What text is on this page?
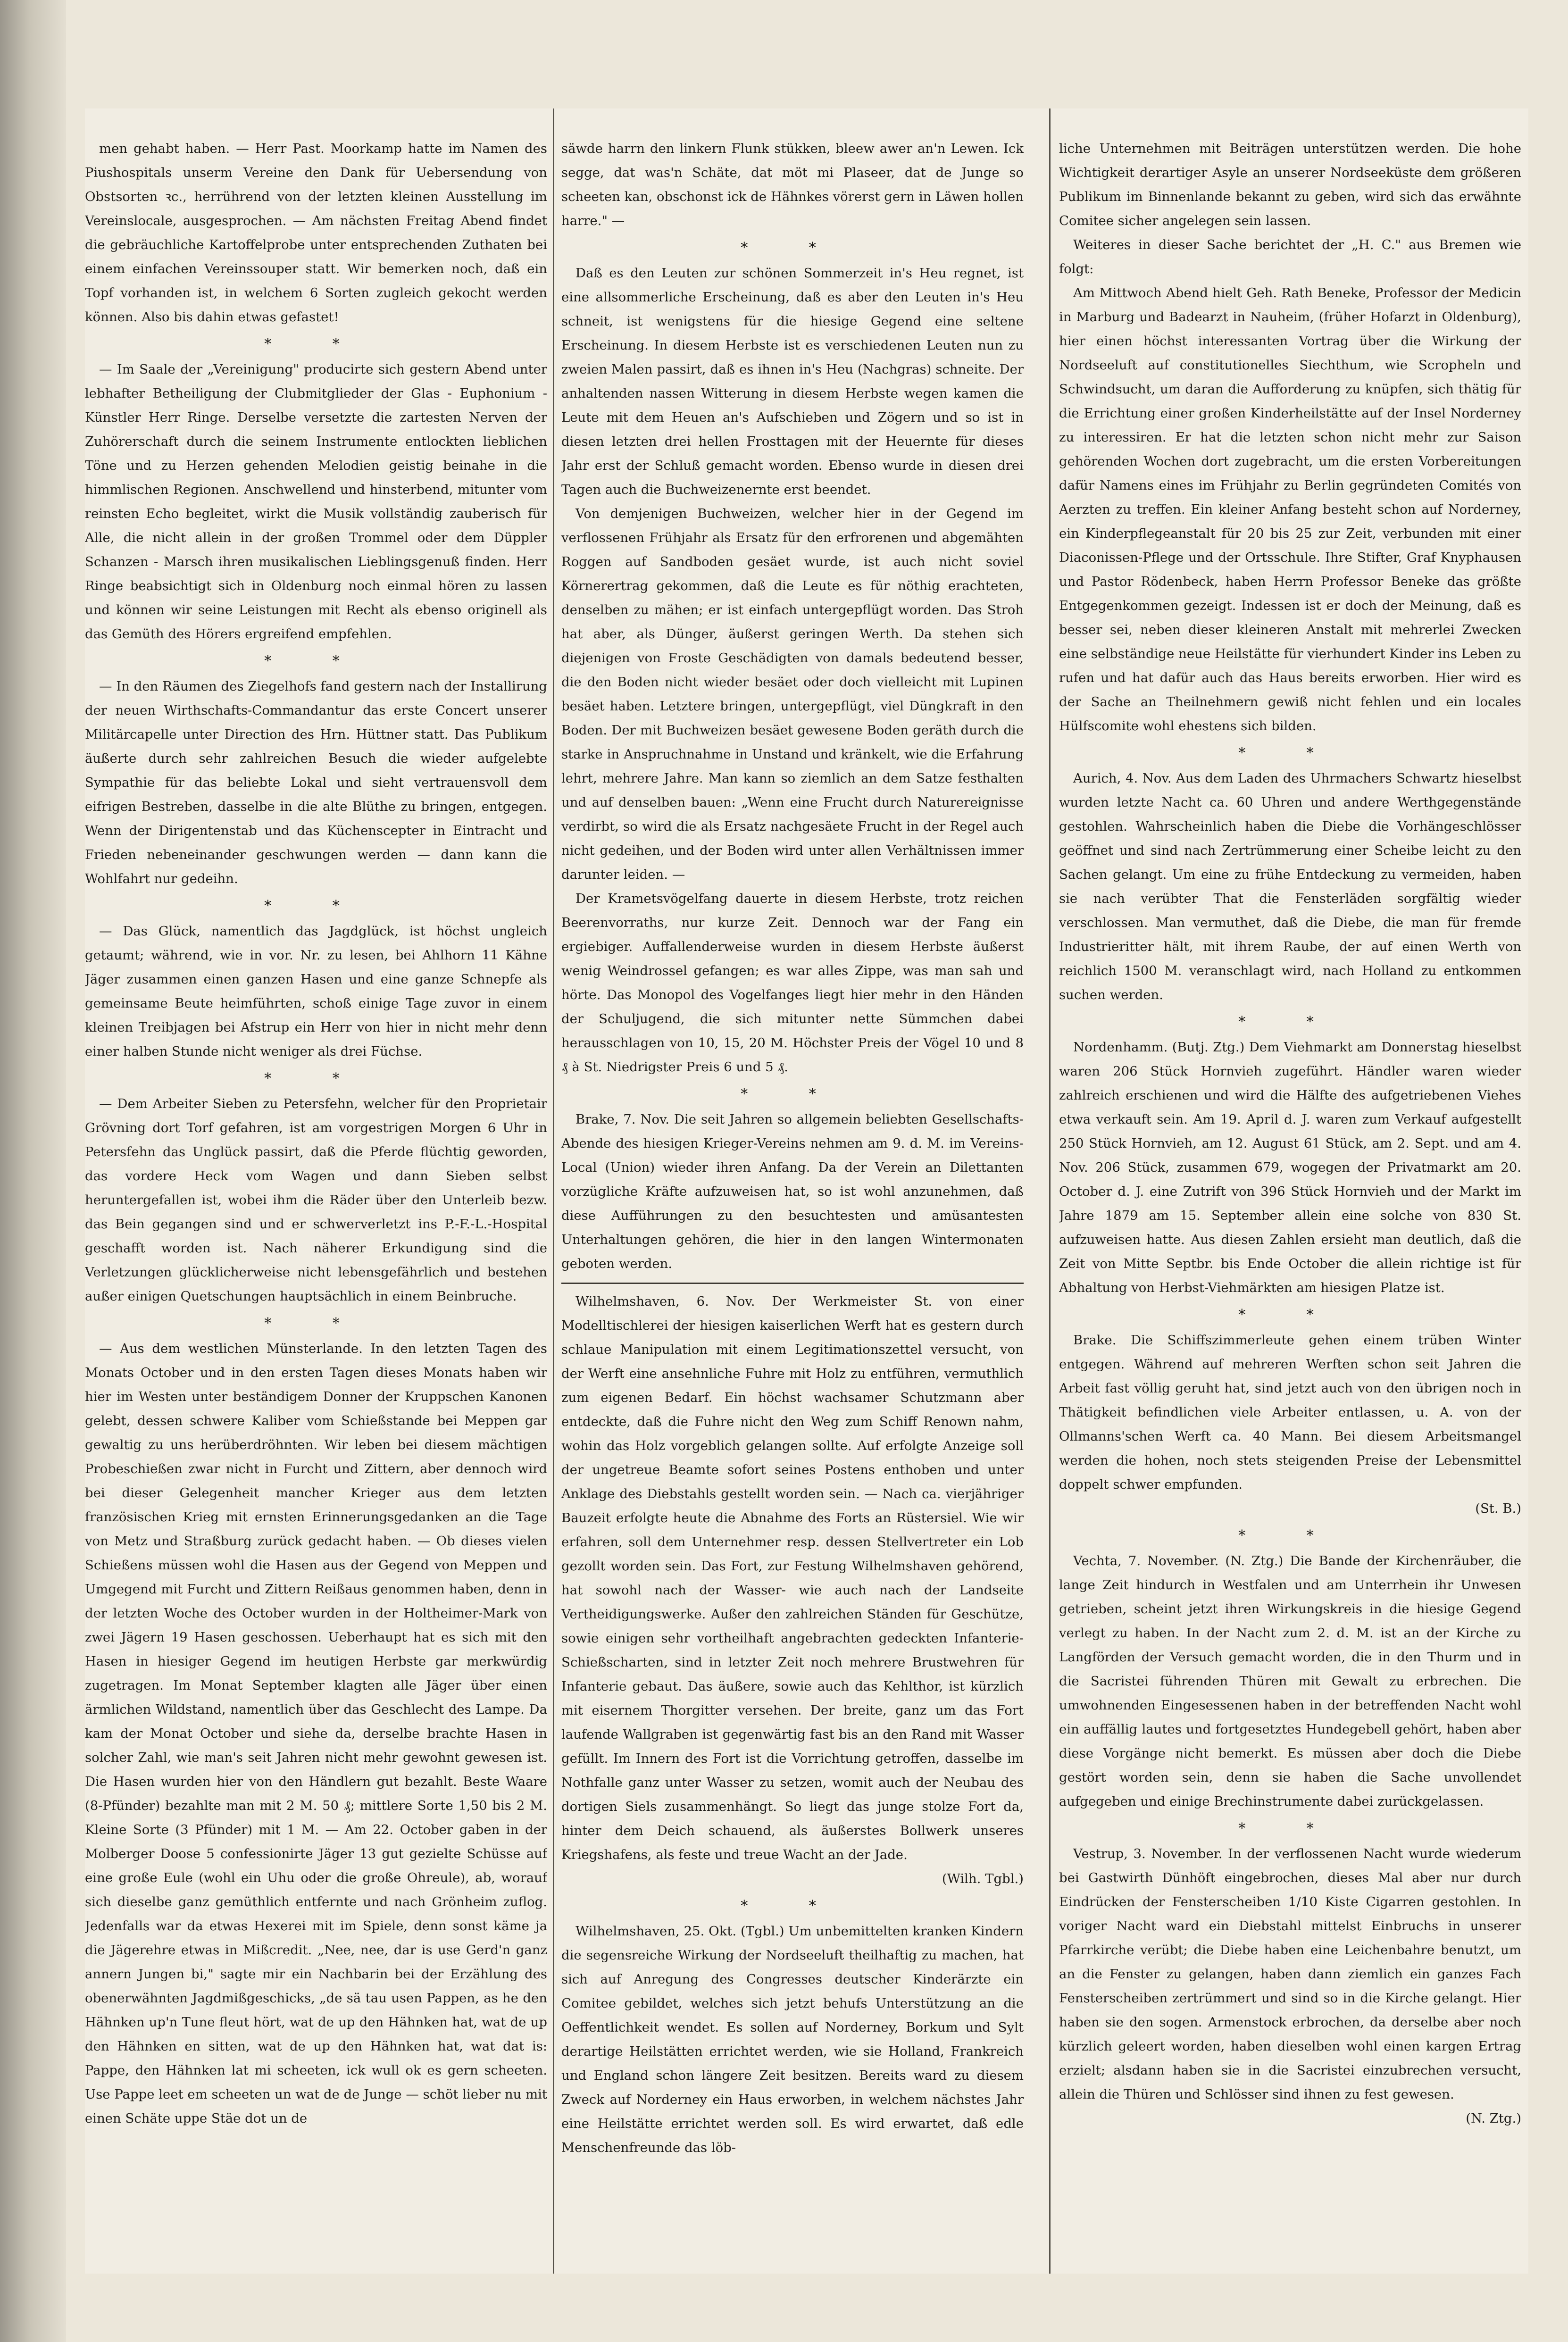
men gehabt haben. — Herr Past. Moorkamp hatte im Namen des Piushospitals unserm Vereine den Dank für Uebersendung von Obstsorten ꝛc., herrührend von der letzten kleinen Ausstellung im Vereinslocale, ausgesprochen. — Am nächsten Freitag Abend findet die gebräuchliche Kartoffelprobe unter entsprechenden Zuthaten bei einem einfachen Vereinssouper statt. Wir bemerken noch, daß ein Topf vorhanden ist, in welchem 6 Sorten zugleich gekocht werden können. Also bis dahin etwas gefastet!

* *

— Im Saale der „Vereinigung" producirte sich gestern Abend unter lebhafter Betheiligung der Clubmitglieder der Glas - Euphonium - Künstler Herr Ringe. Derselbe versetzte die zartesten Nerven der Zuhörerschaft durch die seinem Instrumente entlockten lieblichen Töne und zu Herzen gehenden Melodien geistig beinahe in die himmlischen Regionen. Anschwellend und hinsterbend, mitunter vom reinsten Echo begleitet, wirkt die Musik vollständig zauberisch für Alle, die nicht allein in der großen Trommel oder dem Düppler Schanzen - Marsch ihren musikalischen Lieblingsgenuß finden. Herr Ringe beabsichtigt sich in Oldenburg noch einmal hören zu lassen und können wir seine Leistungen mit Recht als ebenso originell als das Gemüth des Hörers ergreifend empfehlen.

* *

— In den Räumen des Ziegelhofs fand gestern nach der Installirung der neuen Wirthschafts-Commandantur das erste Concert unserer Militärcapelle unter Direction des Hrn. Hüttner statt. Das Publikum äußerte durch sehr zahlreichen Besuch die wieder aufgelebte Sympathie für das beliebte Lokal und sieht vertrauensvoll dem eifrigen Bestreben, dasselbe in die alte Blüthe zu bringen, entgegen. Wenn der Dirigentenstab und das Küchenscepter in Eintracht und Frieden nebeneinander geschwungen werden — dann kann die Wohlfahrt nur gedeihn.

* *

— Das Glück, namentlich das Jagdglück, ist höchst ungleich getaumt; während, wie in vor. Nr. zu lesen, bei Ahlhorn 11 Kähne Jäger zusammen einen ganzen Hasen und eine ganze Schnepfe als gemeinsame Beute heimführten, schoß einige Tage zuvor in einem kleinen Treibjagen bei Afstrup ein Herr von hier in nicht mehr denn einer halben Stunde nicht weniger als drei Füchse.

* *

— Dem Arbeiter Sieben zu Petersfehn, welcher für den Proprietair Grövning dort Torf gefahren, ist am vorgestrigen Morgen 6 Uhr in Petersfehn das Unglück passirt, daß die Pferde flüchtig geworden, das vordere Heck vom Wagen und dann Sieben selbst heruntergefallen ist, wobei ihm die Räder über den Unterleib bezw. das Bein gegangen sind und er schwerverletzt ins P.-F.-L.-Hospital geschafft worden ist. Nach näherer Erkundigung sind die Verletzungen glücklicherweise nicht lebensgefährlich und bestehen außer einigen Quetschungen hauptsächlich in einem Beinbruche.

* *

— Aus dem westlichen Münsterlande. In den letzten Tagen des Monats October und in den ersten Tagen dieses Monats haben wir hier im Westen unter beständigem Donner der Kruppschen Kanonen gelebt, dessen schwere Kaliber vom Schießstande bei Meppen gar gewaltig zu uns herüberdröhnten. Wir leben bei diesem mächtigen Probeschießen zwar nicht in Furcht und Zittern, aber dennoch wird bei dieser Gelegenheit mancher Krieger aus dem letzten französischen Krieg mit ernsten Erinnerungsgedanken an die Tage von Metz und Straßburg zurück gedacht haben. — Ob dieses vielen Schießens müssen wohl die Hasen aus der Gegend von Meppen und Umgegend mit Furcht und Zittern Reißaus genommen haben, denn in der letzten Woche des October wurden in der Holtheimer-Mark von zwei Jägern 19 Hasen geschossen. Ueberhaupt hat es sich mit den Hasen in hiesiger Gegend im heutigen Herbste gar merkwürdig zugetragen. Im Monat September klagten alle Jäger über einen ärmlichen Wildstand, namentlich über das Geschlecht des Lampe. Da kam der Monat October und siehe da, derselbe brachte Hasen in solcher Zahl, wie man's seit Jahren nicht mehr gewohnt gewesen ist. Die Hasen wurden hier von den Händlern gut bezahlt. Beste Waare (8-Pfünder) bezahlte man mit 2 M. 50 ₰; mittlere Sorte 1,50 bis 2 M. Kleine Sorte (3 Pfünder) mit 1 M. — Am 22. October gaben in der Molberger Doose 5 confessionirte Jäger 13 gut gezielte Schüsse auf eine große Eule (wohl ein Uhu oder die große Ohreule), ab, worauf sich dieselbe ganz gemüthlich entfernte und nach Grönheim zuflog. Jedenfalls war da etwas Hexerei mit im Spiele, denn sonst käme ja die Jägerehre etwas in Mißcredit. „Nee, nee, dar is use Gerd'n ganz annern Jungen bi," sagte mir ein Nachbarin bei der Erzählung des obenerwähnten Jagdmißgeschicks, „de sä tau usen Pappen, as he den Hähnken up'n Tune fleut hört, wat de up den Hähnken hat, wat de up den Hähnken en sitten, wat de up den Hähnken hat, wat dat is: Pappe, den Hähnken lat mi scheeten, ick wull ok es gern scheeten. Use Pappe leet em scheeten un wat de de Junge — schöt lieber nu mit einen Schäte uppe Stäe dot un de

säwde harrn den linkern Flunk stükken, bleew awer an'n Lewen. Ick segge, dat was'n Schäte, dat möt mi Plaseer, dat de Junge so scheeten kan, obschonst ick de Hähnkes vörerst gern in Läwen hollen harre." —

* *

Daß es den Leuten zur schönen Sommerzeit in's Heu regnet, ist eine allsommerliche Erscheinung, daß es aber den Leuten in's Heu schneit, ist wenigstens für die hiesige Gegend eine seltene Erscheinung. In diesem Herbste ist es verschiedenen Leuten nun zu zweien Malen passirt, daß es ihnen in's Heu (Nachgras) schneite. Der anhaltenden nassen Witterung in diesem Herbste wegen kamen die Leute mit dem Heuen an's Aufschieben und Zögern und so ist in diesen letzten drei hellen Frosttagen mit der Heuernte für dieses Jahr erst der Schluß gemacht worden. Ebenso wurde in diesen drei Tagen auch die Buchweizenernte erst beendet.

Von demjenigen Buchweizen, welcher hier in der Gegend im verflossenen Frühjahr als Ersatz für den erfrorenen und abgemähten Roggen auf Sandboden gesäet wurde, ist auch nicht soviel Körnerertrag gekommen, daß die Leute es für nöthig erachteten, denselben zu mähen; er ist einfach untergepflügt worden. Das Stroh hat aber, als Dünger, äußerst geringen Werth. Da stehen sich diejenigen von Froste Geschädigten von damals bedeutend besser, die den Boden nicht wieder besäet oder doch vielleicht mit Lupinen besäet haben. Letztere bringen, untergepflügt, viel Düngkraft in den Boden. Der mit Buchweizen besäet gewesene Boden geräth durch die starke in Anspruchnahme in Unstand und kränkelt, wie die Erfahrung lehrt, mehrere Jahre. Man kann so ziemlich an dem Satze festhalten und auf denselben bauen: „Wenn eine Frucht durch Naturereignisse verdirbt, so wird die als Ersatz nachgesäete Frucht in der Regel auch nicht gedeihen, und der Boden wird unter allen Verhältnissen immer darunter leiden. —

Der Krametsvögelfang dauerte in diesem Herbste, trotz reichen Beerenvorraths, nur kurze Zeit. Dennoch war der Fang ein ergiebiger. Auffallenderweise wurden in diesem Herbste äußerst wenig Weindrossel gefangen; es war alles Zippe, was man sah und hörte. Das Monopol des Vogelfanges liegt hier mehr in den Händen der Schuljugend, die sich mitunter nette Sümmchen dabei herausschlagen von 10, 15, 20 M. Höchster Preis der Vögel 10 und 8 ₰ à St. Niedrigster Preis 6 und 5 ₰.

* *

Brake, 7. Nov. Die seit Jahren so allgemein beliebten Gesellschafts-Abende des hiesigen Krieger-Vereins nehmen am 9. d. M. im Vereins-Local (Union) wieder ihren Anfang. Da der Verein an Dilettanten vorzügliche Kräfte aufzuweisen hat, so ist wohl anzunehmen, daß diese Aufführungen zu den besuchtesten und amüsantesten Unterhaltungen gehören, die hier in den langen Wintermonaten geboten werden.

Wilhelmshaven, 6. Nov. Der Werkmeister St. von einer Modelltischlerei der hiesigen kaiserlichen Werft hat es gestern durch schlaue Manipulation mit einem Legitimationszettel versucht, von der Werft eine ansehnliche Fuhre mit Holz zu entführen, vermuthlich zum eigenen Bedarf. Ein höchst wachsamer Schutzmann aber entdeckte, daß die Fuhre nicht den Weg zum Schiff Renown nahm, wohin das Holz vorgeblich gelangen sollte. Auf erfolgte Anzeige soll der ungetreue Beamte sofort seines Postens enthoben und unter Anklage des Diebstahls gestellt worden sein. — Nach ca. vierjähriger Bauzeit erfolgte heute die Abnahme des Forts an Rüstersiel. Wie wir erfahren, soll dem Unternehmer resp. dessen Stellvertreter ein Lob gezollt worden sein. Das Fort, zur Festung Wilhelmshaven gehörend, hat sowohl nach der Wasser- wie auch nach der Landseite Vertheidigungswerke. Außer den zahlreichen Ständen für Geschütze, sowie einigen sehr vortheilhaft angebrachten gedeckten Infanterie-Schießscharten, sind in letzter Zeit noch mehrere Brustwehren für Infanterie gebaut. Das äußere, sowie auch das Kehlthor, ist kürzlich mit eisernem Thorgitter versehen. Der breite, ganz um das Fort laufende Wallgraben ist gegenwärtig fast bis an den Rand mit Wasser gefüllt. Im Innern des Fort ist die Vorrichtung getroffen, dasselbe im Nothfalle ganz unter Wasser zu setzen, womit auch der Neubau des dortigen Siels zusammenhängt. So liegt das junge stolze Fort da, hinter dem Deich schauend, als äußerstes Bollwerk unseres Kriegshafens, als feste und treue Wacht an der Jade.

(Wilh. Tgbl.)

* *

Wilhelmshaven, 25. Okt. (Tgbl.) Um unbemittelten kranken Kindern die segensreiche Wirkung der Nordseeluft theilhaftig zu machen, hat sich auf Anregung des Congresses deutscher Kinderärzte ein Comitee gebildet, welches sich jetzt behufs Unterstützung an die Oeffentlichkeit wendet. Es sollen auf Norderney, Borkum und Sylt derartige Heilstätten errichtet werden, wie sie Holland, Frankreich und England schon längere Zeit besitzen. Bereits ward zu diesem Zweck auf Norderney ein Haus erworben, in welchem nächstes Jahr eine Heilstätte errichtet werden soll. Es wird erwartet, daß edle Menschenfreunde das löb-

liche Unternehmen mit Beiträgen unterstützen werden. Die hohe Wichtigkeit derartiger Asyle an unserer Nordseeküste dem größeren Publikum im Binnenlande bekannt zu geben, wird sich das erwähnte Comitee sicher angelegen sein lassen.

Weiteres in dieser Sache berichtet der „H. C." aus Bremen wie folgt:

Am Mittwoch Abend hielt Geh. Rath Beneke, Professor der Medicin in Marburg und Badearzt in Nauheim, (früher Hofarzt in Oldenburg), hier einen höchst interessanten Vortrag über die Wirkung der Nordseeluft auf constitutionelles Siechthum, wie Scropheln und Schwindsucht, um daran die Aufforderung zu knüpfen, sich thätig für die Errichtung einer großen Kinderheilstätte auf der Insel Norderney zu interessiren. Er hat die letzten schon nicht mehr zur Saison gehörenden Wochen dort zugebracht, um die ersten Vorbereitungen dafür Namens eines im Frühjahr zu Berlin gegründeten Comités von Aerzten zu treffen. Ein kleiner Anfang besteht schon auf Norderney, ein Kinderpflegeanstalt für 20 bis 25 zur Zeit, verbunden mit einer Diaconissen-Pflege und der Ortsschule. Ihre Stifter, Graf Knyphausen und Pastor Rödenbeck, haben Herrn Professor Beneke das größte Entgegenkommen gezeigt. Indessen ist er doch der Meinung, daß es besser sei, neben dieser kleineren Anstalt mit mehrerlei Zwecken eine selbständige neue Heilstätte für vierhundert Kinder ins Leben zu rufen und hat dafür auch das Haus bereits erworben. Hier wird es der Sache an Theilnehmern gewiß nicht fehlen und ein locales Hülfscomite wohl ehestens sich bilden.

* *

Aurich, 4. Nov. Aus dem Laden des Uhrmachers Schwartz hieselbst wurden letzte Nacht ca. 60 Uhren und andere Werthgegenstände gestohlen. Wahrscheinlich haben die Diebe die Vorhängeschlösser geöffnet und sind nach Zertrümmerung einer Scheibe leicht zu den Sachen gelangt. Um eine zu frühe Entdeckung zu vermeiden, haben sie nach verübter That die Fensterläden sorgfältig wieder verschlossen. Man vermuthet, daß die Diebe, die man für fremde Industrieritter hält, mit ihrem Raube, der auf einen Werth von reichlich 1500 M. veranschlagt wird, nach Holland zu entkommen suchen werden.

* *

Nordenhamm. (Butj. Ztg.) Dem Viehmarkt am Donnerstag hieselbst waren 206 Stück Hornvieh zugeführt. Händler waren wieder zahlreich erschienen und wird die Hälfte des aufgetriebenen Viehes etwa verkauft sein. Am 19. April d. J. waren zum Verkauf aufgestellt 250 Stück Hornvieh, am 12. August 61 Stück, am 2. Sept. und am 4. Nov. 206 Stück, zusammen 679, wogegen der Privatmarkt am 20. October d. J. eine Zutrift von 396 Stück Hornvieh und der Markt im Jahre 1879 am 15. September allein eine solche von 830 St. aufzuweisen hatte. Aus diesen Zahlen ersieht man deutlich, daß die Zeit von Mitte Septbr. bis Ende October die allein richtige ist für Abhaltung von Herbst-Viehmärkten am hiesigen Platze ist.

* *

Brake. Die Schiffszimmerleute gehen einem trüben Winter entgegen. Während auf mehreren Werften schon seit Jahren die Arbeit fast völlig geruht hat, sind jetzt auch von den übrigen noch in Thätigkeit befindlichen viele Arbeiter entlassen, u. A. von der Ollmanns'schen Werft ca. 40 Mann. Bei diesem Arbeitsmangel werden die hohen, noch stets steigenden Preise der Lebensmittel doppelt schwer empfunden.

(St. B.)

* *

Vechta, 7. November. (N. Ztg.) Die Bande der Kirchenräuber, die lange Zeit hindurch in Westfalen und am Unterrhein ihr Unwesen getrieben, scheint jetzt ihren Wirkungskreis in die hiesige Gegend verlegt zu haben. In der Nacht zum 2. d. M. ist an der Kirche zu Langförden der Versuch gemacht worden, die in den Thurm und in die Sacristei führenden Thüren mit Gewalt zu erbrechen. Die umwohnenden Eingesessenen haben in der betreffenden Nacht wohl ein auffällig lautes und fortgesetztes Hundegebell gehört, haben aber diese Vorgänge nicht bemerkt. Es müssen aber doch die Diebe gestört worden sein, denn sie haben die Sache unvollendet aufgegeben und einige Brechinstrumente dabei zurückgelassen.

* *

Vestrup, 3. November. In der verflossenen Nacht wurde wiederum bei Gastwirth Dünhöft eingebrochen, dieses Mal aber nur durch Eindrücken der Fensterscheiben 1/10 Kiste Cigarren gestohlen. In voriger Nacht ward ein Diebstahl mittelst Einbruchs in unserer Pfarrkirche verübt; die Diebe haben eine Leichenbahre benutzt, um an die Fenster zu gelangen, haben dann ziemlich ein ganzes Fach Fensterscheiben zertrümmert und sind so in die Kirche gelangt. Hier haben sie den sogen. Armenstock erbrochen, da derselbe aber noch kürzlich geleert worden, haben dieselben wohl einen kargen Ertrag erzielt; alsdann haben sie in die Sacristei einzubrechen versucht, allein die Thüren und Schlösser sind ihnen zu fest gewesen.

(N. Ztg.)
